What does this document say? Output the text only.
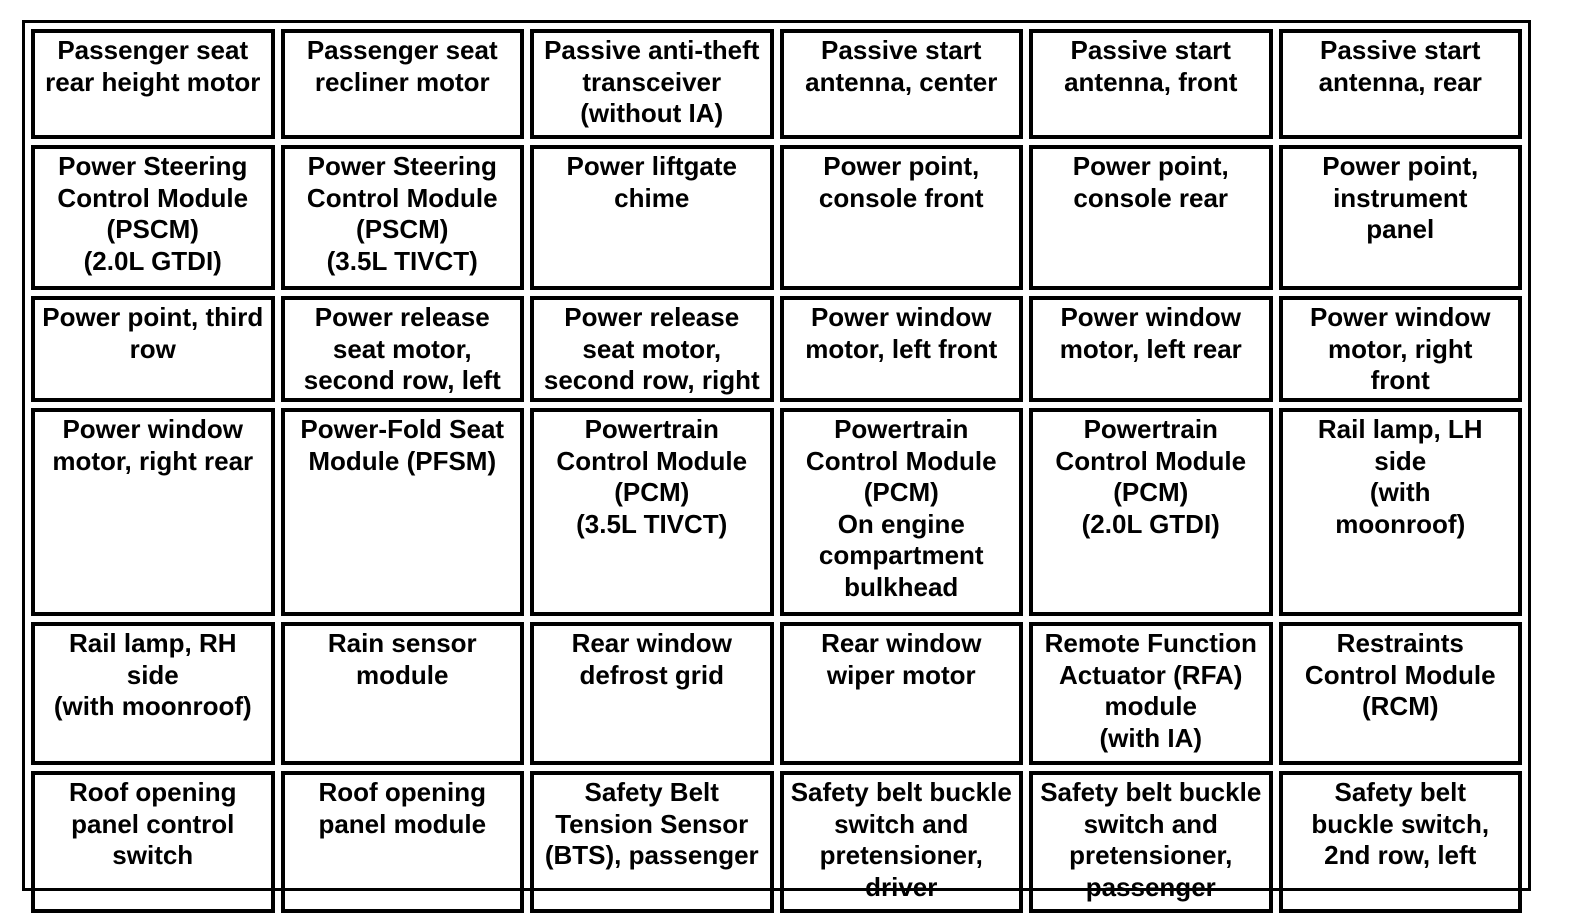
Passenger seat
rear height motor
Passenger seat
recliner motor
Passive anti-theft
transceiver
(without IA)
Passive start
antenna, center
Passive start
antenna, front
Passive start
antenna, rear
Power Steering
Control Module
(PSCM)
(2.0L GTDI)
Power Steering
Control Module
(PSCM)
(3.5L TIVCT)
Power liftgate
chime
Power point,
console front
Power point,
console rear
Power point,
instrument
panel
Power point, third
row
Power release
seat motor,
second row, left
Power release
seat motor,
second row, right
Power window
motor, left front
Power window
motor, left rear
Power window
motor, right
front
Power window
motor, right rear
Power-Fold Seat
Module (PFSM)
Powertrain
Control Module
(PCM)
(3.5L TIVCT)
Powertrain
Control Module
(PCM)
On engine
compartment
bulkhead
Powertrain
Control Module
(PCM)
(2.0L GTDI)
Rail lamp, LH
side
(with
moonroof)
Rail lamp, RH
side
(with moonroof)
Rain sensor
module
Rear window
defrost grid
Rear window
wiper motor
Remote Function
Actuator (RFA)
module
(with IA)
Restraints
Control Module
(RCM)
Roof opening
panel control
switch
Roof opening
panel module
Safety Belt
Tension Sensor
(BTS), passenger
Safety belt buckle
switch and
pretensioner,
driver
Safety belt buckle
switch and
pretensioner,
passenger
Safety belt
buckle switch,
2nd row, left
